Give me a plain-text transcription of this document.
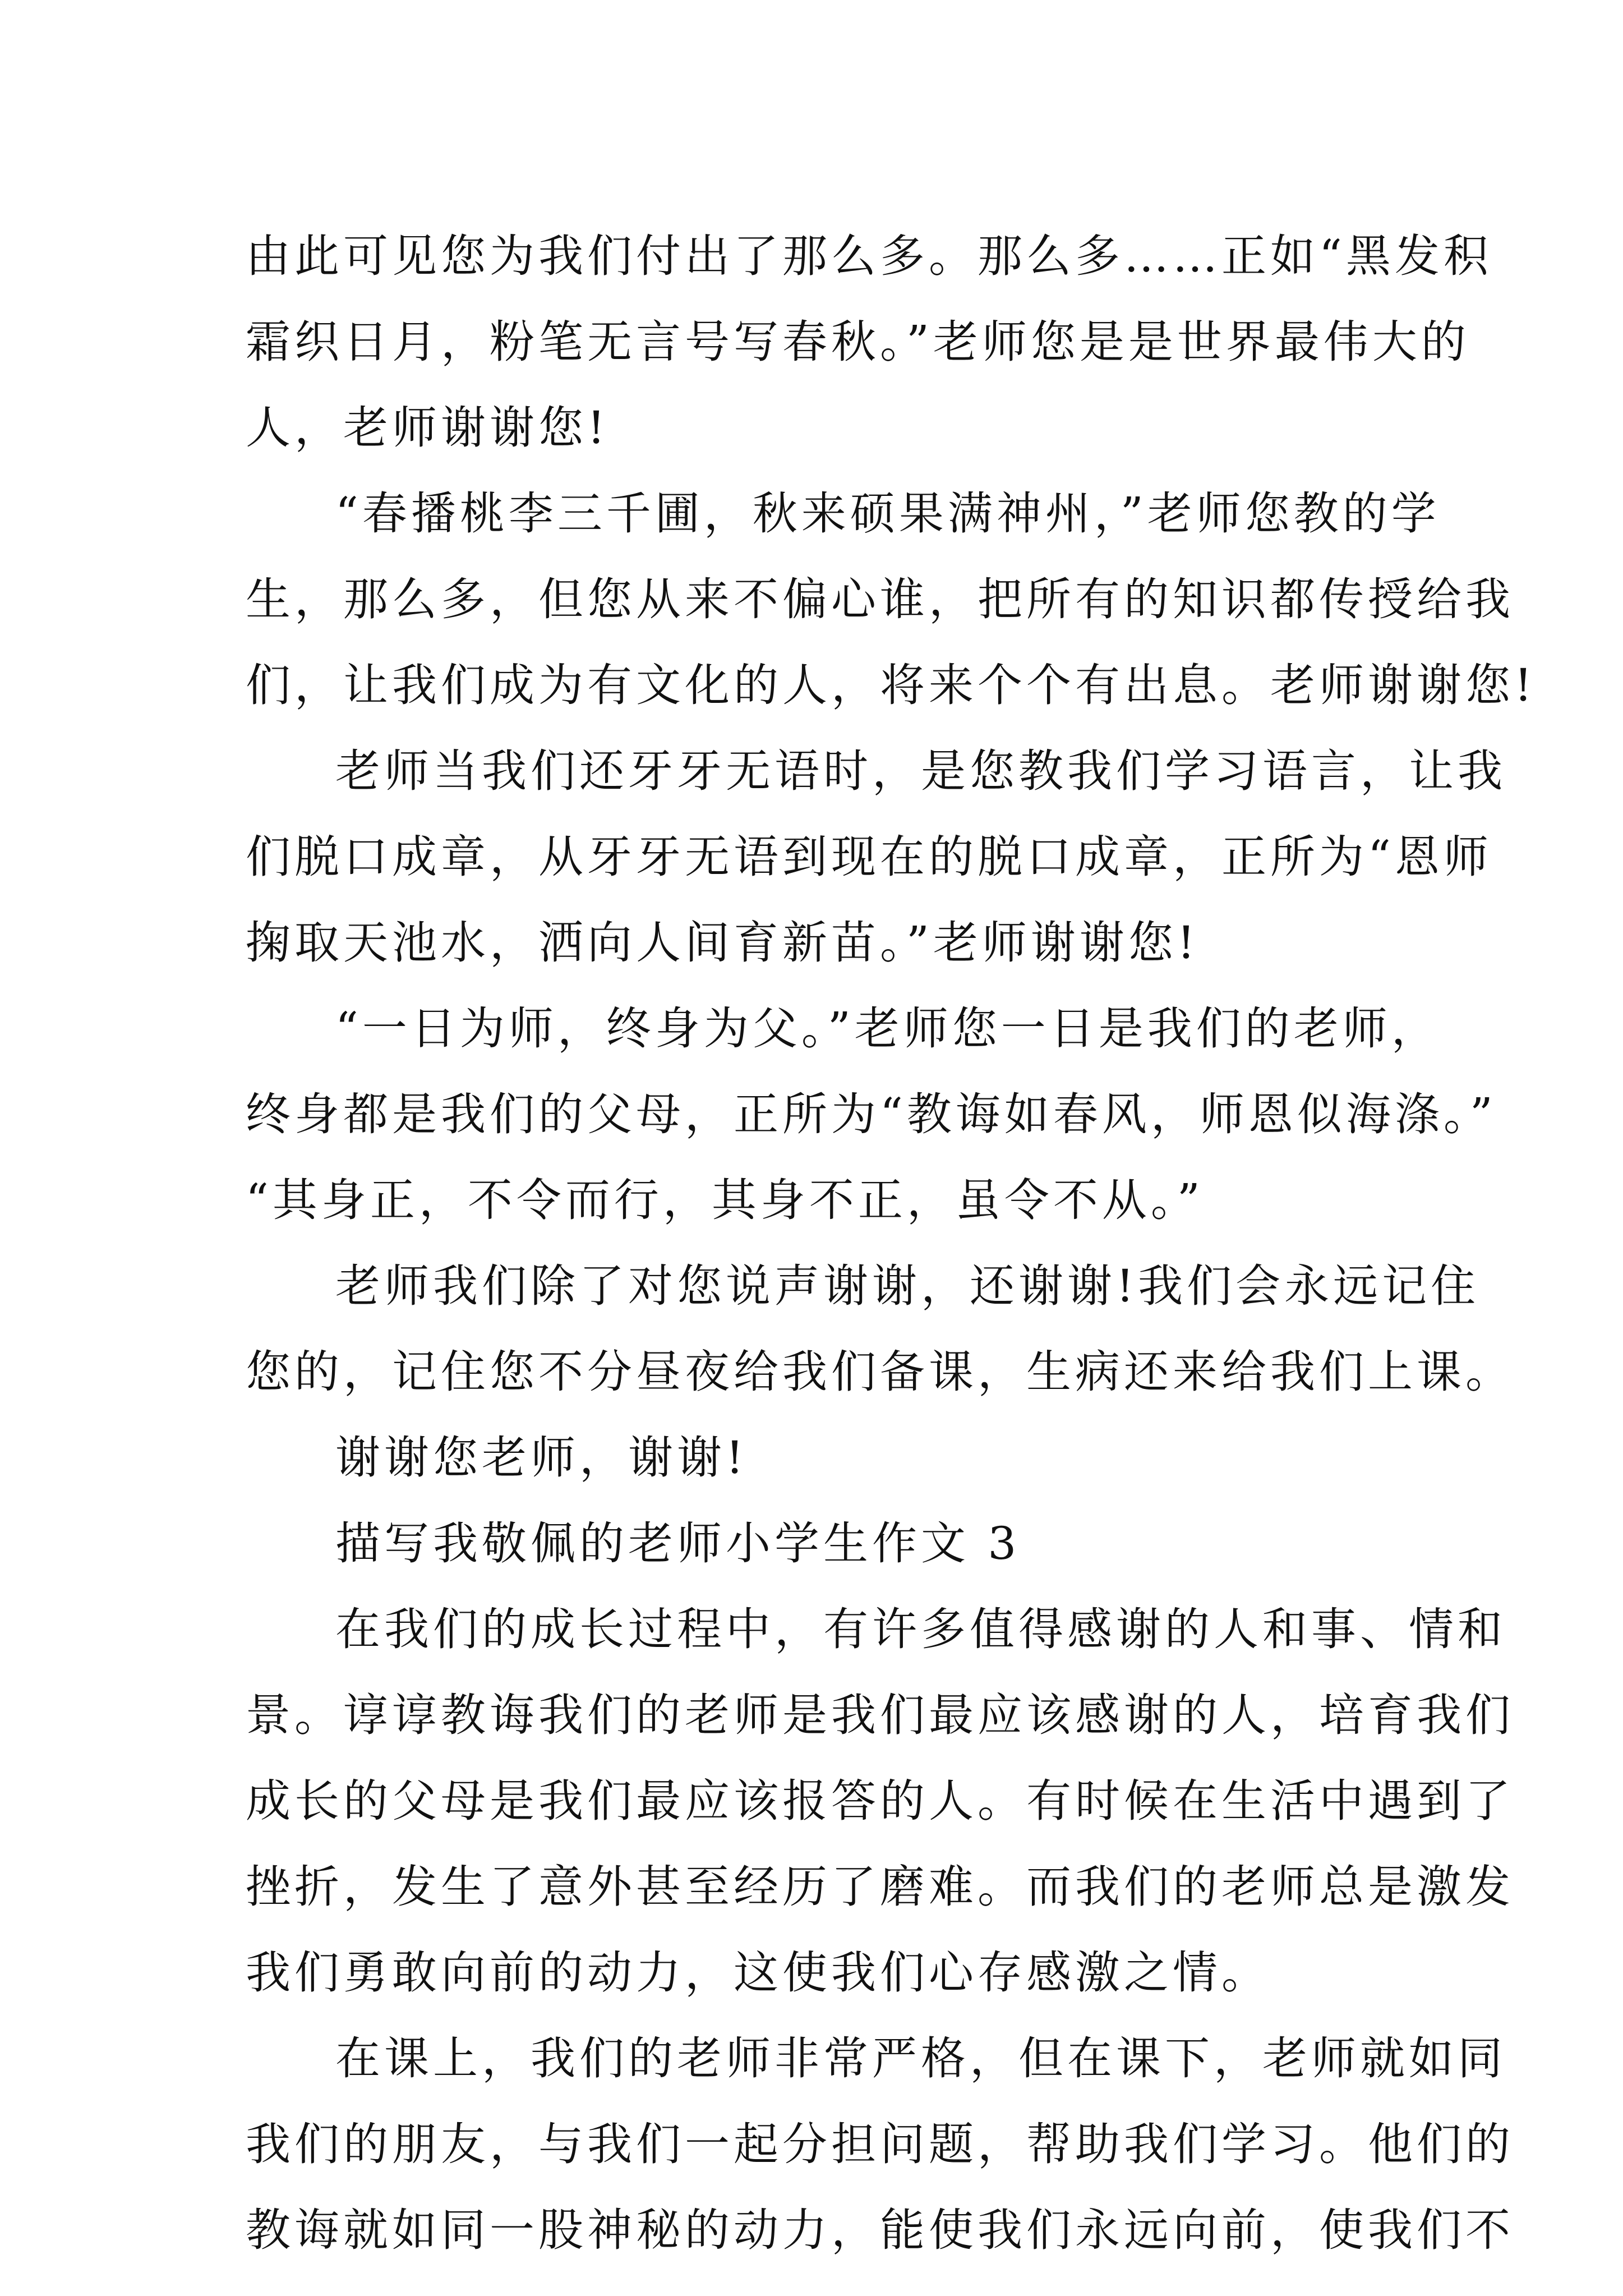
由此可见您为我们付出了那么多。那么多……正如“黑发积
霜织日月，粉笔无言号写春秋。”老师您是是世界最伟大的
人，老师谢谢您!
“春播桃李三千圃，秋来硕果满神州，”老师您教的学
生，那么多，但您从来不偏心谁，把所有的知识都传授给我
们，让我们成为有文化的人，将来个个有出息。老师谢谢您!
老师当我们还牙牙无语时，是您教我们学习语言，让我
们脱口成章，从牙牙无语到现在的脱口成章，正所为“恩师
掬取天池水，洒向人间育新苗。”老师谢谢您!
“一日为师，终身为父。”老师您一日是我们的老师，
终身都是我们的父母，正所为“教诲如春风，师恩似海涤。”
“其身正，不令而行，其身不正，虽令不从。”
老师我们除了对您说声谢谢，还谢谢!我们会永远记住
您的，记住您不分昼夜给我们备课，生病还来给我们上课。
谢谢您老师，谢谢!
描写我敬佩的老师小学生作文 3
在我们的成长过程中，有许多值得感谢的人和事、情和
景。谆谆教诲我们的老师是我们最应该感谢的人，培育我们
成长的父母是我们最应该报答的人。有时候在生活中遇到了
挫折，发生了意外甚至经历了磨难。而我们的老师总是激发
我们勇敢向前的动力，这使我们心存感激之情。
在课上，我们的老师非常严格，但在课下，老师就如同
我们的朋友，与我们一起分担问题，帮助我们学习。他们的
教诲就如同一股神秘的动力，能使我们永远向前，使我们不
